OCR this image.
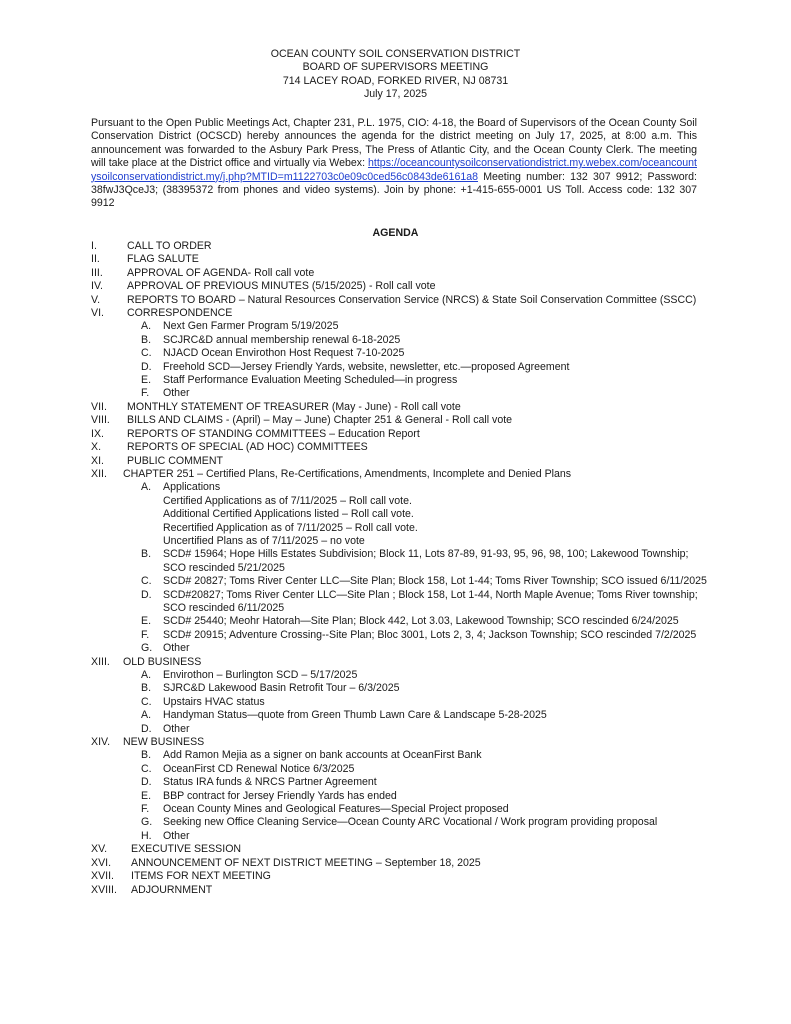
OCEAN COUNTY SOIL CONSERVATION DISTRICT
BOARD OF SUPERVISORS MEETING
714 LACEY ROAD, FORKED RIVER, NJ 08731
July 17, 2025
Pursuant to the Open Public Meetings Act, Chapter 231, P.L. 1975, CIO: 4-18, the Board of Supervisors of the Ocean County Soil Conservation District (OCSCD) hereby announces the agenda for the district meeting on July 17, 2025, at 8:00 a.m. This announcement was forwarded to the Asbury Park Press, The Press of Atlantic City, and the Ocean County Clerk. The meeting will take place at the District office and virtually via Webex: https://oceancountysoilconservationdistrict.my.webex.com/oceancountysoilconservationdistrict.my/j.php?MTID=m1122703c0e09c0ced56c0843de6161a8 Meeting number: 132 307 9912; Password: 38fwJ3QceJ3; (38395372 from phones and video systems). Join by phone: +1-415-655-0001 US Toll. Access code: 132 307 9912
AGENDA
I.	CALL TO ORDER
II.	FLAG SALUTE
III. APPROVAL OF AGENDA- Roll call vote
IV. APPROVAL OF PREVIOUS MINUTES (5/15/2025) - Roll call vote
V.	REPORTS TO BOARD – Natural Resources Conservation Service (NRCS) & State Soil Conservation Committee (SSCC)
VI. CORRESPONDENCE
A. Next Gen Farmer Program 5/19/2025
B. SCJRC&D annual membership renewal 6-18-2025
C. NJACD Ocean Envirothon Host Request 7-10-2025
D. Freehold SCD—Jersey Friendly Yards, website, newsletter, etc.—proposed Agreement
E. Staff Performance Evaluation Meeting Scheduled—in progress
F. Other
VII. MONTHLY STATEMENT OF TREASURER (May - June) - Roll call vote
VIII. BILLS AND CLAIMS - (April) – May – June) Chapter 251 & General - Roll call vote
IX. REPORTS OF STANDING COMMITTEES – Education Report
X. REPORTS OF SPECIAL (AD HOC) COMMITTEES
XI. PUBLIC COMMENT
XII. CHAPTER 251 – Certified Plans, Re-Certifications, Amendments, Incomplete and Denied Plans
A. Applications
Certified Applications as of 7/11/2025 – Roll call vote.
Additional Certified Applications listed – Roll call vote.
Recertified Application as of 7/11/2025 – Roll call vote.
Uncertified Plans as of 7/11/2025 – no vote
B. SCD# 15964; Hope Hills Estates Subdivision; Block 11, Lots 87-89, 91-93, 95, 96, 98, 100; Lakewood Township; SCO rescinded 5/21/2025
C. SCD# 20827; Toms River Center LLC—Site Plan; Block 158, Lot 1-44; Toms River Township; SCO issued 6/11/2025
D. SCD#20827; Toms River Center LLC—Site Plan ; Block 158, Lot 1-44, North Maple Avenue; Toms River township; SCO rescinded 6/11/2025
E. SCD# 25440; Meohr Hatorah—Site Plan; Block 442, Lot 3.03, Lakewood Township; SCO rescinded 6/24/2025
F. SCD# 20915; Adventure Crossing--Site Plan; Bloc 3001, Lots 2, 3, 4; Jackson Township; SCO rescinded 7/2/2025
G. Other
XIII. OLD BUSINESS
A. Envirothon – Burlington SCD – 5/17/2025
B. SJRC&D Lakewood Basin Retrofit Tour – 6/3/2025
C. Upstairs HVAC status
A. Handyman Status—quote from Green Thumb Lawn Care & Landscape 5-28-2025
D. Other
XIV. NEW BUSINESS
B. Add Ramon Mejia as a signer on bank accounts at OceanFirst Bank
C. OceanFirst CD Renewal Notice 6/3/2025
D. Status IRA funds & NRCS Partner Agreement
E. BBP contract for Jersey Friendly Yards has ended
F. Ocean County Mines and Geological Features—Special Project proposed
G. Seeking new Office Cleaning Service—Ocean County ARC Vocational / Work program providing proposal
H. Other
XV. EXECUTIVE SESSION
XVI. ANNOUNCEMENT OF NEXT DISTRICT MEETING – September 18, 2025
XVII. ITEMS FOR NEXT MEETING
XVIII. ADJOURNMENT
